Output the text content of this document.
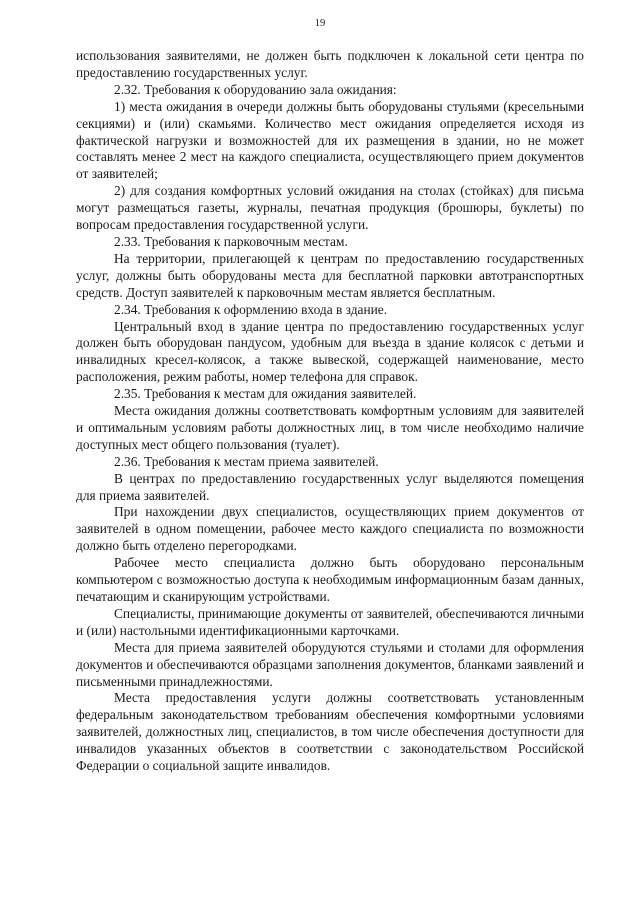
19

использования заявителями, не должен быть подключен к локальной сети центра по предоставлению государственных услуг.

2.32. Требования к оборудованию зала ожидания:

1) места ожидания в очереди должны быть оборудованы стульями (кресельными секциями) и (или) скамьями. Количество мест ожидания определяется исходя из фактической нагрузки и возможностей для их размещения в здании, но не может составлять менее 2 мест на каждого специалиста, осуществляющего прием документов от заявителей;

2) для создания комфортных условий ожидания на столах (стойках) для письма могут размещаться газеты, журналы, печатная продукция (брошюры, буклеты) по вопросам предоставления государственной услуги.

2.33. Требования к парковочным местам.

На территории, прилегающей к центрам по предоставлению государственных услуг, должны быть оборудованы места для бесплатной парковки автотранспортных средств. Доступ заявителей к парковочным местам является бесплатным.

2.34. Требования к оформлению входа в здание.

Центральный вход в здание центра по предоставлению государственных услуг должен быть оборудован пандусом, удобным для въезда в здание колясок с детьми и инвалидных кресел-колясок, а также вывеской, содержащей наименование, место расположения, режим работы, номер телефона для справок.

2.35. Требования к местам для ожидания заявителей.

Места ожидания должны соответствовать комфортным условиям для заявителей и оптимальным условиям работы должностных лиц, в том числе необходимо наличие доступных мест общего пользования (туалет).

2.36. Требования к местам приема заявителей.

В центрах по предоставлению государственных услуг выделяются помещения для приема заявителей.

При нахождении двух специалистов, осуществляющих прием документов от заявителей в одном помещении, рабочее место каждого специалиста по возможности должно быть отделено перегородками.

Рабочее место специалиста должно быть оборудовано персональным компьютером с возможностью доступа к необходимым информационным базам данных, печатающим и сканирующим устройствами.

Специалисты, принимающие документы от заявителей, обеспечиваются личными и (или) настольными идентификационными карточками.

Места для приема заявителей оборудуются стульями и столами для оформления документов и обеспечиваются образцами заполнения документов, бланками заявлений и письменными принадлежностями.

Места предоставления услуги должны соответствовать установленным федеральным законодательством требованиям обеспечения комфортными условиями заявителей, должностных лиц, специалистов, в том числе обеспечения доступности для инвалидов указанных объектов в соответствии с законодательством Российской Федерации о социальной защите инвалидов.
